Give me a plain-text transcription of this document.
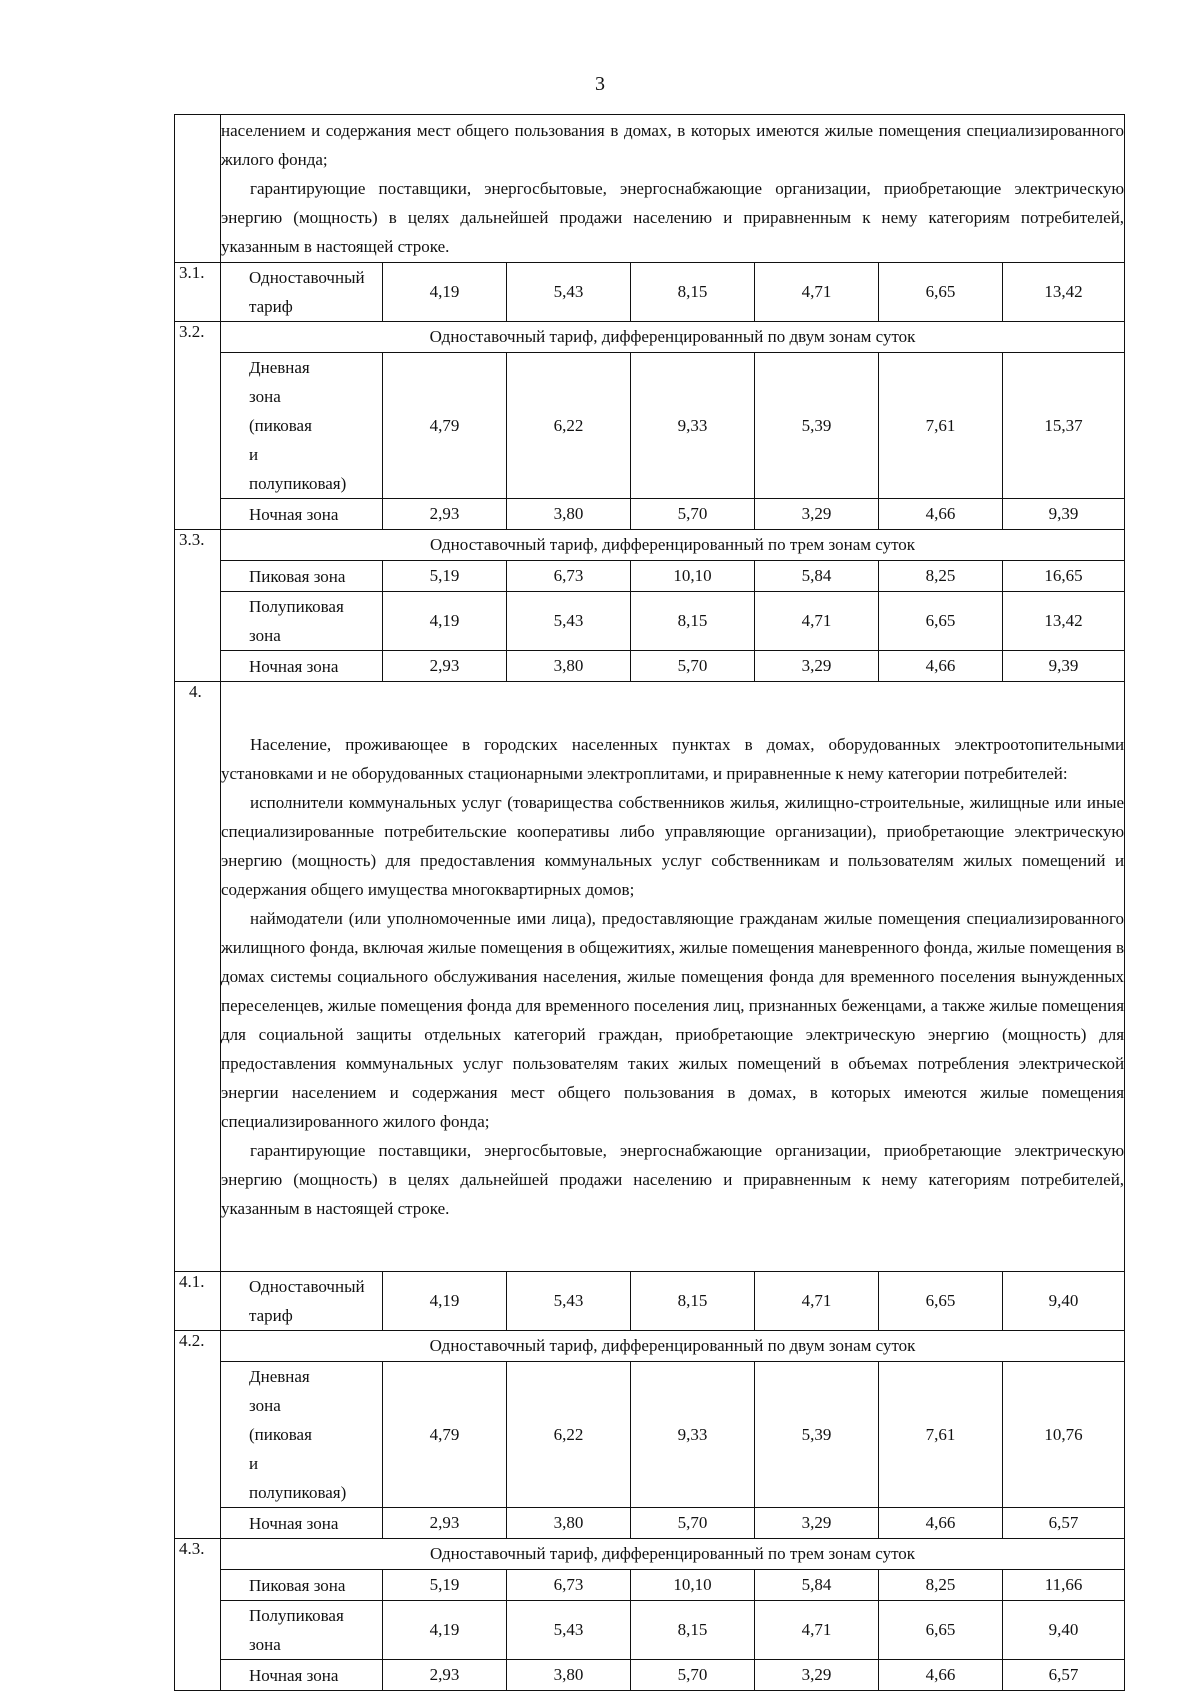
3

	населением и содержания мест общего пользования в домах, в которых имеются жилые помещения специализированного жилого фонда;

гарантирующие поставщики, энергосбытовые, энергоснабжающие организации, приобретающие электрическую энергию (мощность) в целях дальнейшей продажи населению и приравненным к нему категориям потребителей, указанным в настоящей строке.						

3.1.	Одноставочный
тариф	4,19	5,43	8,15	4,71	6,65	13,42
3.2.	Одноставочный тариф, дифференцированный по двум зонам суток						

	Дневная
зона
(пиковая
и
полупиковая)	4,79	6,22	9,33	5,39	7,61	15,37
	Ночная зона	2,93	3,80	5,70	3,29	4,66	9,39
3.3.	Одноставочный тариф, дифференцированный по трем зонам суток						
	Пиковая зона	5,19	6,73	10,10	5,84	8,25	16,65

	Полупиковая
зона	4,19	5,43	8,15	4,71	6,65	13,42
	Ночная зона	2,93	3,80	5,70	3,29	4,66	9,39
4.	Население, проживающее в городских населенных пунктах в домах, оборудованных электроотопительными установками и не оборудованных стационарными электроплитами, и приравненные к нему категории потребителей:

исполнители коммунальных услуг (товарищества собственников жилья, жилищно-строительные, жилищные или иные специализированные потребительские кооперативы либо управляющие организации), приобретающие электрическую энергию (мощность) для предоставления коммунальных услуг собственникам и пользователям жилых помещений и содержания общего имущества многоквартирных домов;

наймодатели (или уполномоченные ими лица), предоставляющие гражданам жилые помещения специализированного жилищного фонда, включая жилые помещения в общежитиях, жилые помещения маневренного фонда, жилые помещения в домах системы социального обслуживания населения, жилые помещения фонда для временного поселения вынужденных переселенцев, жилые помещения фонда для временного поселения лиц, признанных беженцами, а также жилые помещения для социальной защиты отдельных категорий граждан, приобретающие электрическую энергию (мощность) для предоставления коммунальных услуг пользователям таких жилых помещений в объемах потребления электрической энергии населением и содержания мест общего пользования в домах, в которых имеются жилые помещения специализированного жилого фонда;

гарантирующие поставщики, энергосбытовые, энергоснабжающие организации, приобретающие электрическую энергию (мощность) в целях дальнейшей продажи населению и приравненным к нему категориям потребителей, указанным в настоящей строке.						

4.1.	Одноставочный
тариф	4,19	5,43	8,15	4,71	6,65	9,40
4.2.	Одноставочный тариф, дифференцированный по двум зонам суток						

	Дневная
зона
(пиковая
и
полупиковая)	4,79	6,22	9,33	5,39	7,61	10,76
	Ночная зона	2,93	3,80	5,70	3,29	4,66	6,57
4.3.	Одноставочный тариф, дифференцированный по трем зонам суток						
	Пиковая зона	5,19	6,73	10,10	5,84	8,25	11,66

	Полупиковая
зона	4,19	5,43	8,15	4,71	6,65	9,40
	Ночная зона	2,93	3,80	5,70	3,29	4,66	6,57
